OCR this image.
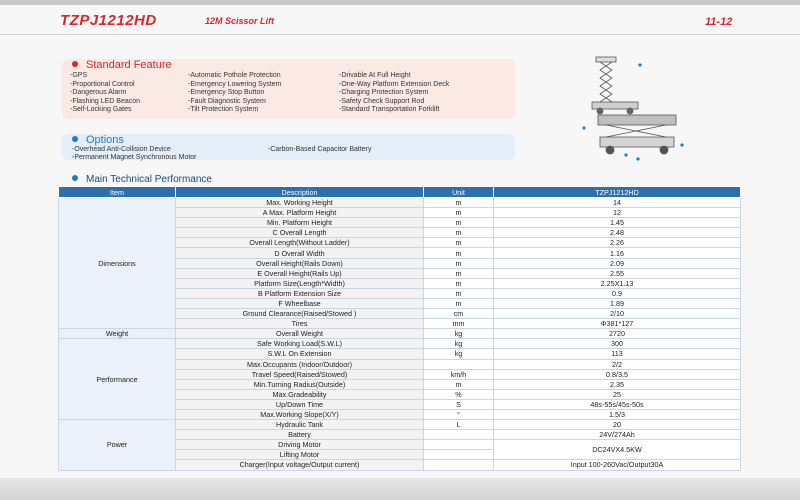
TZPJ1212HD	12M Scissor Lift	11-12
Standard Feature
-GPS
-Proportional Control
-Dangerous Alarm
-Flashing LED Beacon
-Self-Locking Gates
-Automatic Pothole Protection
-Emergency Lowering System
-Emergency Stop Button
-Fault Diagnostic System
-Tilt Protection System
-Drivable At Full Height
-One-Way Platform Extension Deck
-Charging Protection System
-Safety Check Support Rod
-Standard Transportation Forklift
Options
-Overhead Anti-Collision Device	-Carbon-Based Capacitor Battery
-Permanent Magnet Synchronous Motor
Main Technical Performance
Item	Description	Unit	TZPJ1212HD
Dimensions	Max. Working Height	m	14
	A Max. Platform Height	m	12
	Min. Platform Height	m	1.45
	C Overall Length	m	2.48
	Overall Length(Without Ladder)	m	2.26
	D Overall Width	m	1.16
	Overall Height(Rails Down)	m	2.09
	E Overall Height(Rails Up)	m	2.55
	Platform Size(Length*Width)	m	2.25X1.13
	B Platform Extension Size	m	0.9
	F Wheelbase	m	1.89
	Ground Clearance(Raised/Stowed )	cm	2/10
	Tires	mm	Φ381*127
Weight	Overall Weight	kg	2720
Performance	Safe Working Load(S.W.L)	kg	300
	S.W.L On Extension	kg	113
	Max.Occupants (Indoor/Outdoor)		2/2
	Travel Speed(Raised/Stowed)	km/h	0.8/3.5
	Min.Turning Radius(Outside)	m	2.35
	Max.Gradeability	%	25
	Up/Down Time	S	48s-55s/45s-50s
	Max.Working Slope(X/Y)	°	1.5/3
Power	Hydraulic Tank	L	20
	Battery		24V/274Ah
	Driving Motor		DC24VX4.5KW
	Lifting Motor		
	Charger(Input voltage/Output current)		Input 100-260Vac/Output30A
